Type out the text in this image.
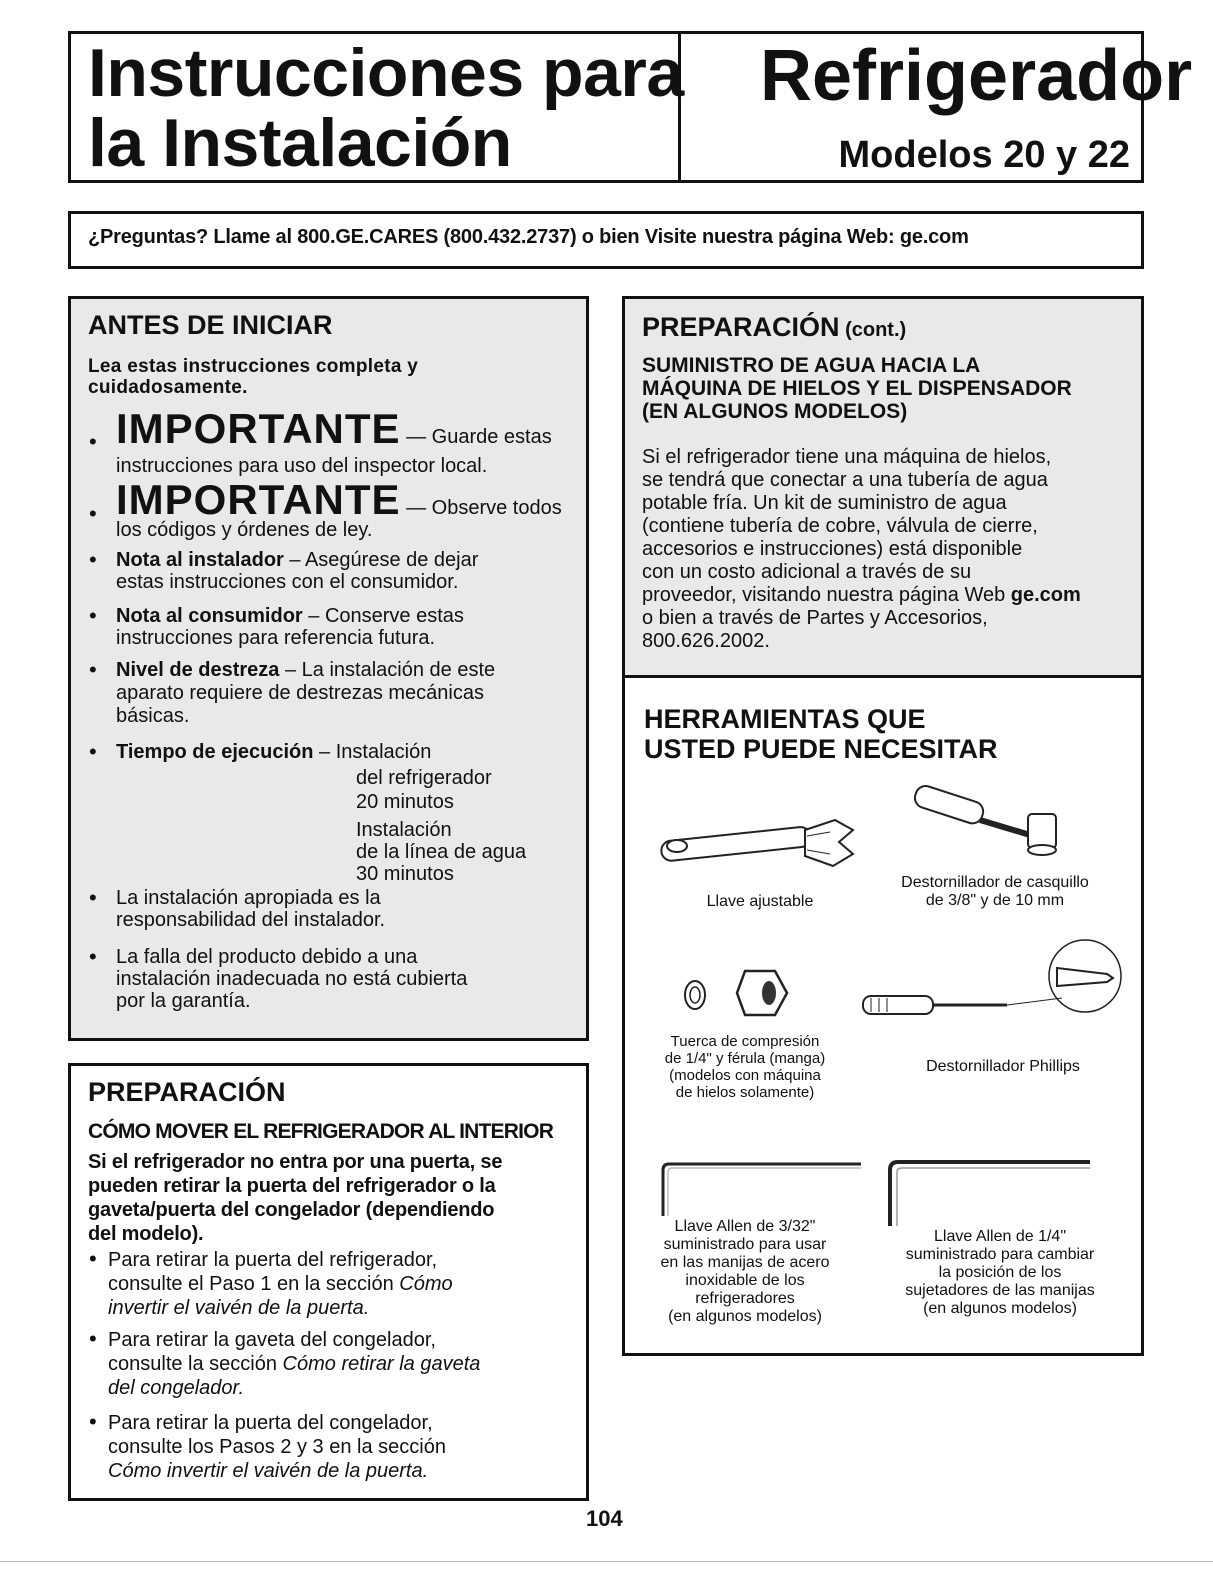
Instrucciones para
la Instalación
Refrigerador
Modelos 20 y 22
¿Preguntas? Llame al 800.GE.CARES (800.432.2737) o bien Visite nuestra página Web: ge.com
ANTES DE INICIAR
Lea estas instrucciones completa y
cuidadosamente.
• IMPORTANTE — Guarde estas
instrucciones para uso del inspector local.
• IMPORTANTE — Observe todos
los códigos y órdenes de ley.
• Nota al instalador – Asegúrese de dejar
estas instrucciones con el consumidor.
• Nota al consumidor – Conserve estas
instrucciones para referencia futura.
• Nivel de destreza – La instalación de este
aparato requiere de destrezas mecánicas
básicas.
• Tiempo de ejecución – Instalación
del refrigerador
20 minutos
Instalación
de la línea de agua
30 minutos
• La instalación apropiada es la
responsabilidad del instalador.
• La falla del producto debido a una
instalación inadecuada no está cubierta
por la garantía.
PREPARACIÓN
CÓMO MOVER EL REFRIGERADOR AL INTERIOR
Si el refrigerador no entra por una puerta, se
pueden retirar la puerta del refrigerador o la
gaveta/puerta del congelador (dependiendo
del modelo).
• Para retirar la puerta del refrigerador,
consulte el Paso 1 en la sección Cómo
invertir el vaivén de la puerta.
• Para retirar la gaveta del congelador,
consulte la sección Cómo retirar la gaveta
del congelador.
• Para retirar la puerta del congelador,
consulte los Pasos 2 y 3 en la sección
Cómo invertir el vaivén de la puerta.
PREPARACIÓN (cont.)
SUMINISTRO DE AGUA HACIA LA
MÁQUINA DE HIELOS Y EL DISPENSADOR
(EN ALGUNOS MODELOS)
Si el refrigerador tiene una máquina de hielos,
se tendrá que conectar a una tubería de agua
potable fría. Un kit de suministro de agua
(contiene tubería de cobre, válvula de cierre,
accesorios e instrucciones) está disponible
con un costo adicional a través de su
proveedor, visitando nuestra página Web ge.com
o bien a través de Partes y Accesorios,
800.626.2002.
HERRAMIENTAS QUE
USTED PUEDE NECESITAR
Llave ajustable
Destornillador de casquillo
de 3/8" y de 10 mm
Tuerca de compresión
de 1/4" y férula (manga)
(modelos con máquina
de hielos solamente)
Destornillador Phillips
Llave Allen de 3/32"
suministrado para usar
en las manijas de acero
inoxidable de los
refrigeradores
(en algunos modelos)
Llave Allen de 1/4"
suministrado para cambiar
la posición de los
sujetadores de las manijas
(en algunos modelos)
104
